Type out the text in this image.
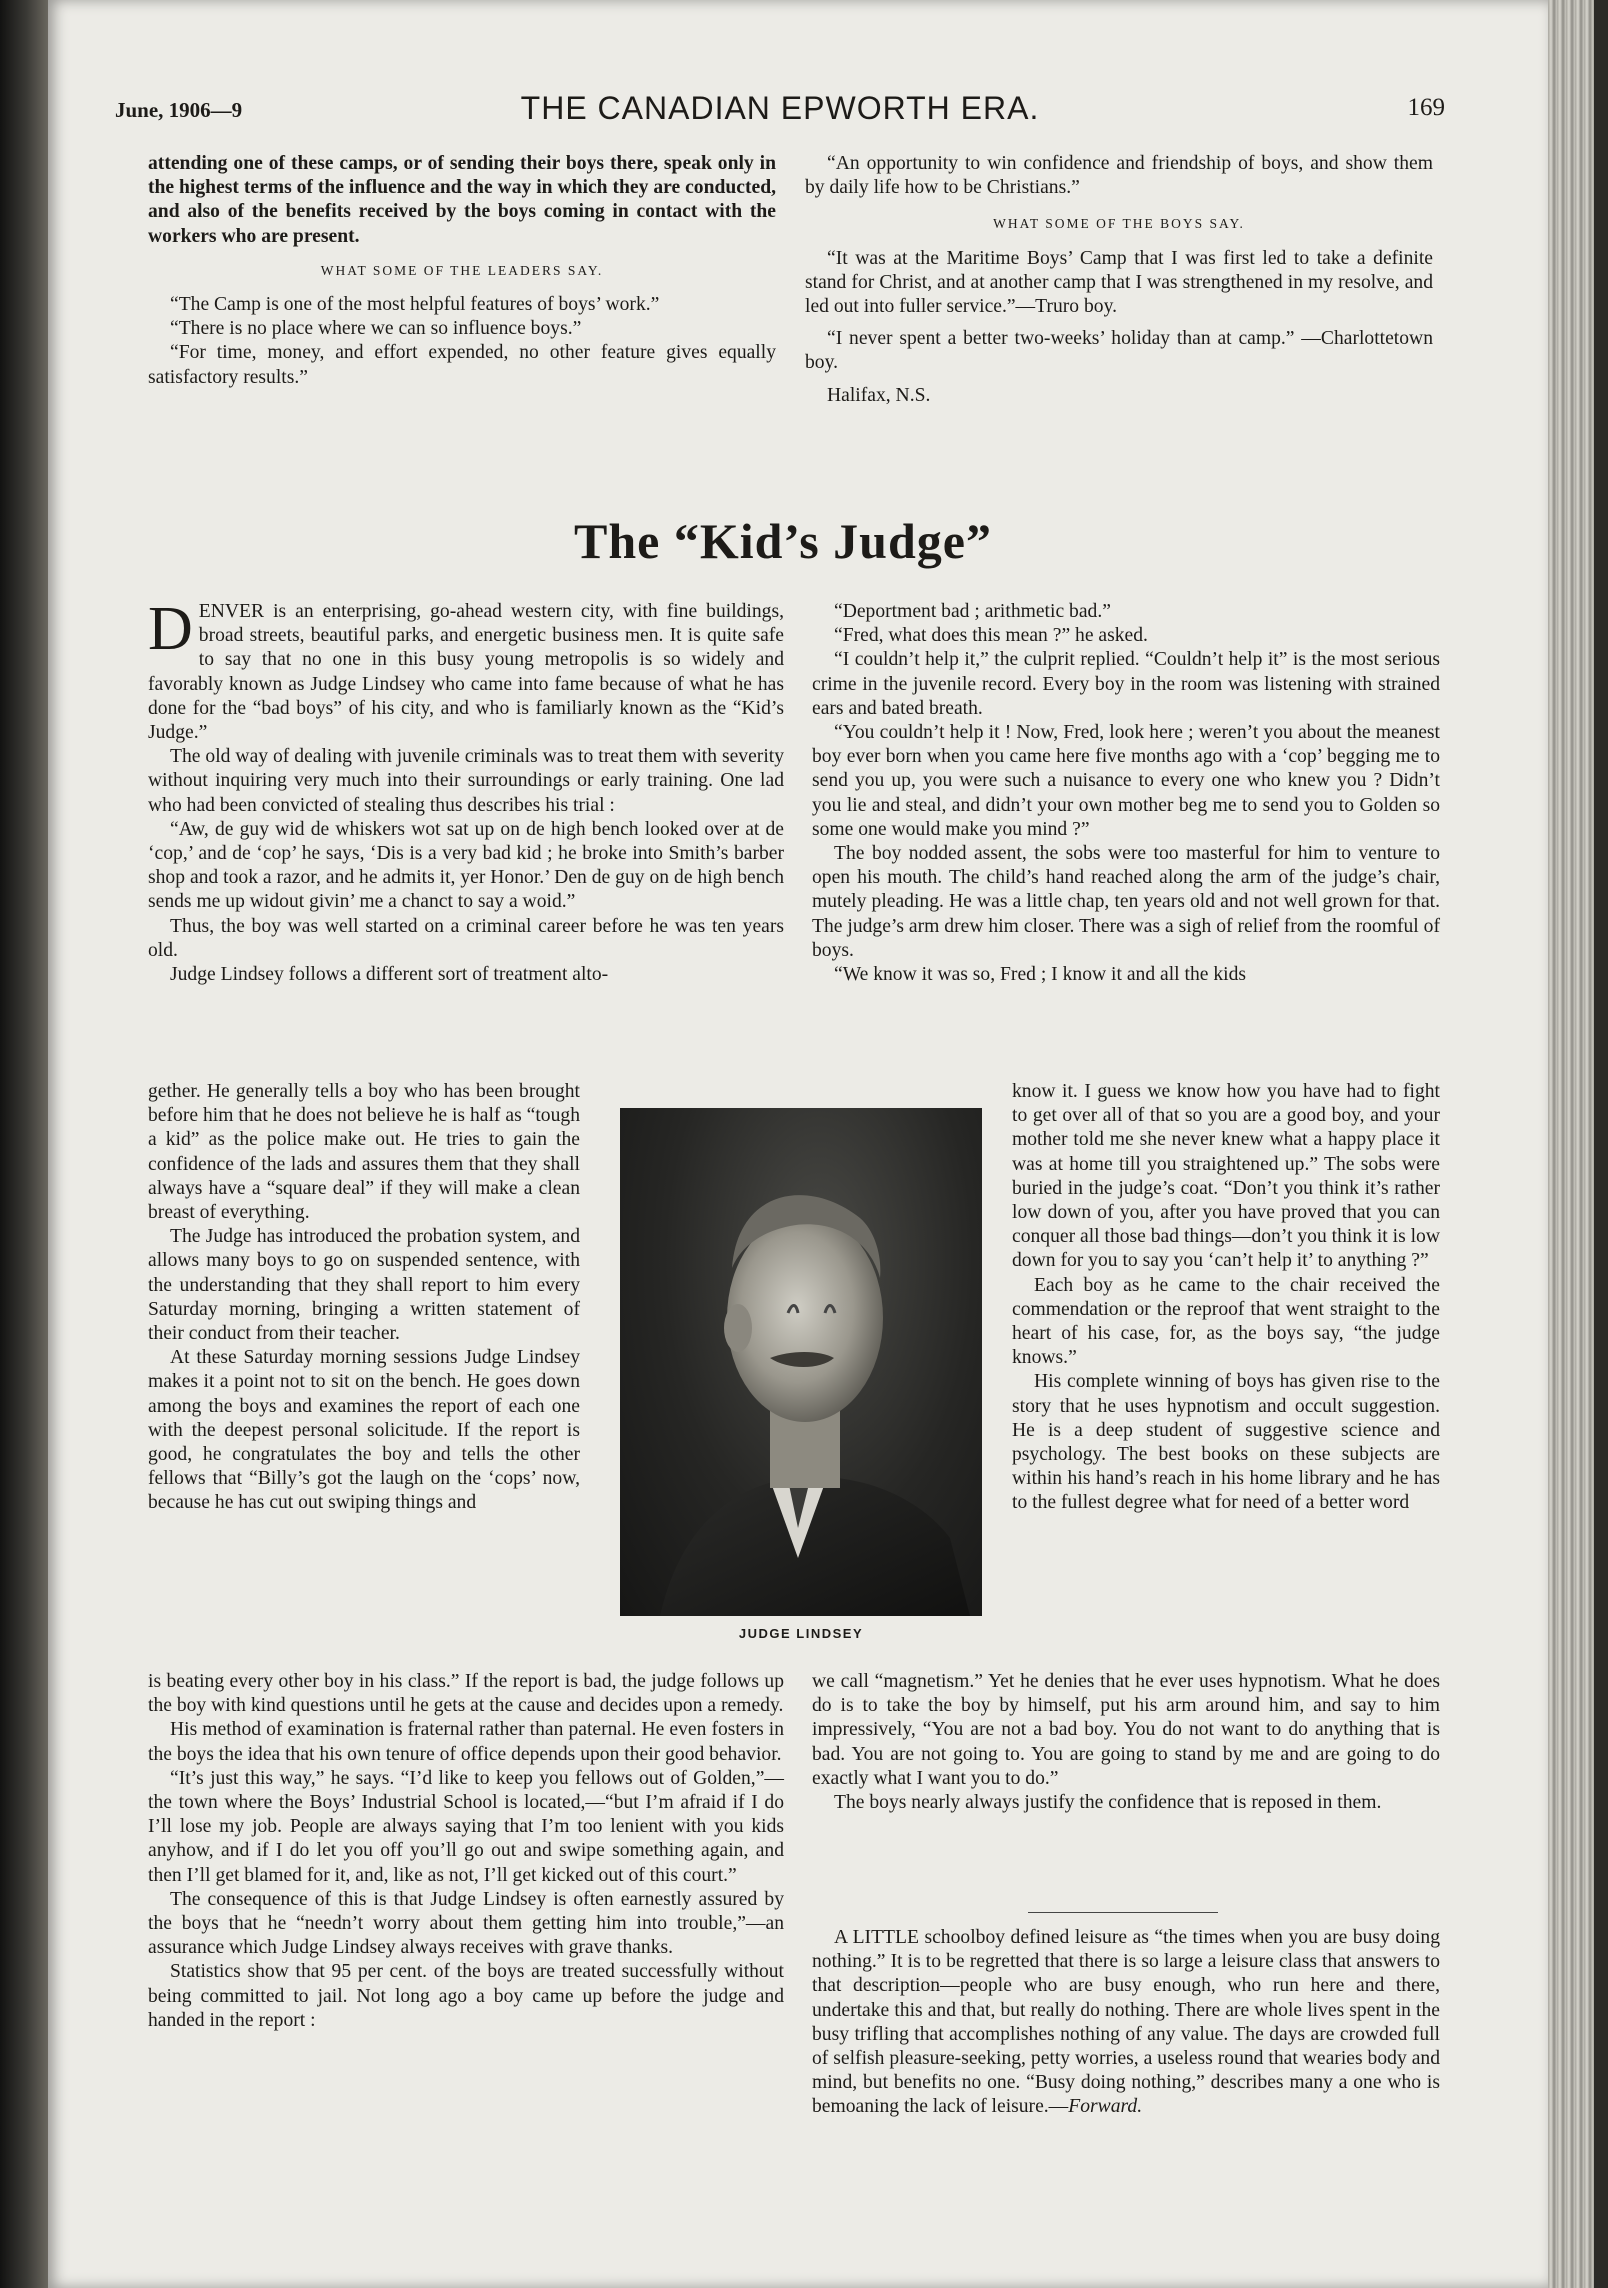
June, 1906—9	THE CANADIAN EPWORTH ERA.	169

attending one of these camps, or of sending their boys there, speak only in the highest terms of the influence and the way in which they are conducted, and also of the benefits received by the boys coming in contact with the workers who are present.

WHAT SOME OF THE LEADERS SAY.

“The Camp is one of the most helpful features of boys’ work.”

“There is no place where we can so influence boys.”

“For time, money, and effort expended, no other feature gives equally satisfactory results.”

“An opportunity to win confidence and friendship of boys, and show them by daily life how to be Christians.”

WHAT SOME OF THE BOYS SAY.

“It was at the Maritime Boys’ Camp that I was first led to take a definite stand for Christ, and at another camp that I was strengthened in my resolve, and led out into fuller service.”—Truro boy.

“I never spent a better two-weeks’ holiday than at camp.” —Charlottetown boy.

Halifax, N.S.

The “Kid’s Judge”

DENVER is an enterprising, go-ahead western city, with fine buildings, broad streets, beautiful parks, and energetic business men. It is quite safe to say that no one in this busy young metropolis is so widely and favorably known as Judge Lindsey who came into fame because of what he has done for the “bad boys” of his city, and who is familiarly known as the “Kid’s Judge.”

The old way of dealing with juvenile criminals was to treat them with severity without inquiring very much into their surroundings or early training. One lad who had been convicted of stealing thus describes his trial :

“Aw, de guy wid de whiskers wot sat up on de high bench looked over at de ‘cop,’ and de ‘cop’ he says, ‘Dis is a very bad kid ; he broke into Smith’s barber shop and took a razor, and he admits it, yer Honor.’ Den de guy on de high bench sends me up widout givin’ me a chanct to say a woid.”

Thus, the boy was well started on a criminal career before he was ten years old.

Judge Lindsey follows a different sort of treatment alto-

gether. He generally tells a boy who has been brought before him that he does not believe he is half as “tough a kid” as the police make out. He tries to gain the confidence of the lads and assures them that they shall always have a “square deal” if they will make a clean breast of everything.

The Judge has introduced the probation system, and allows many boys to go on suspended sentence, with the understanding that they shall report to him every Saturday morning, bringing a written statement of their conduct from their teacher.

At these Saturday morning sessions Judge Lindsey makes it a point not to sit on the bench. He goes down among the boys and examines the report of each one with the deepest personal solicitude. If the report is good, he congratulates the boy and tells the other fellows that “Billy’s got the laugh on the ‘cops’ now, because he has cut out swiping things and

is beating every other boy in his class.” If the report is bad, the judge follows up the boy with kind questions until he gets at the cause and decides upon a remedy.

His method of examination is fraternal rather than paternal. He even fosters in the boys the idea that his own tenure of office depends upon their good behavior.

“It’s just this way,” he says. “I’d like to keep you fellows out of Golden,”—the town where the Boys’ Industrial School is located,—“but I’m afraid if I do I’ll lose my job. People are always saying that I’m too lenient with you kids anyhow, and if I do let you off you’ll go out and swipe something again, and then I’ll get blamed for it, and, like as not, I’ll get kicked out of this court.”

The consequence of this is that Judge Lindsey is often earnestly assured by the boys that he “needn’t worry about them getting him into trouble,”—an assurance which Judge Lindsey always receives with grave thanks.

Statistics show that 95 per cent. of the boys are treated successfully without being committed to jail. Not long ago a boy came up before the judge and handed in the report :

“Deportment bad ; arithmetic bad.”

“Fred, what does this mean ?” he asked.

“I couldn’t help it,” the culprit replied. “Couldn’t help it” is the most serious crime in the juvenile record. Every boy in the room was listening with strained ears and bated breath.

“You couldn’t help it ! Now, Fred, look here ; weren’t you about the meanest boy ever born when you came here five months ago with a ‘cop’ begging me to send you up, you were such a nuisance to every one who knew you ? Didn’t you lie and steal, and didn’t your own mother beg me to send you to Golden so some one would make you mind ?”

The boy nodded assent, the sobs were too masterful for him to venture to open his mouth. The child’s hand reached along the arm of the judge’s chair, mutely pleading. He was a little chap, ten years old and not well grown for that. The judge’s arm drew him closer. There was a sigh of relief from the roomful of boys.

“We know it was so, Fred ; I know it and all the kids

know it. I guess we know how you have had to fight to get over all of that so you are a good boy, and your mother told me she never knew what a happy place it was at home till you straightened up.” The sobs were buried in the judge’s coat. “Don’t you think it’s rather low down of you, after you have proved that you can conquer all those bad things—don’t you think it is low down for you to say you ‘can’t help it’ to anything ?”

Each boy as he came to the chair received the commendation or the reproof that went straight to the heart of his case, for, as the boys say, “the judge knows.”

His complete winning of boys has given rise to the story that he uses hypnotism and occult suggestion. He is a deep student of suggestive science and psychology. The best books on these subjects are within his hand’s reach in his home library and he has to the fullest degree what for need of a better word

we call “magnetism.” Yet he denies that he ever uses hypnotism. What he does do is to take the boy by himself, put his arm around him, and say to him impressively, “You are not a bad boy. You do not want to do anything that is bad. You are not going to. You are going to stand by me and are going to do exactly what I want you to do.”

The boys nearly always justify the confidence that is reposed in them.

A LITTLE schoolboy defined leisure as “the times when you are busy doing nothing.” It is to be regretted that there is so large a leisure class that answers to that description—people who are busy enough, who run here and there, undertake this and that, but really do nothing. There are whole lives spent in the busy trifling that accomplishes nothing of any value. The days are crowded full of selfish pleasure-seeking, petty worries, a useless round that wearies body and mind, but benefits no one. “Busy doing nothing,” describes many a one who is bemoaning the lack of leisure.—Forward.

JUDGE LINDSEY
